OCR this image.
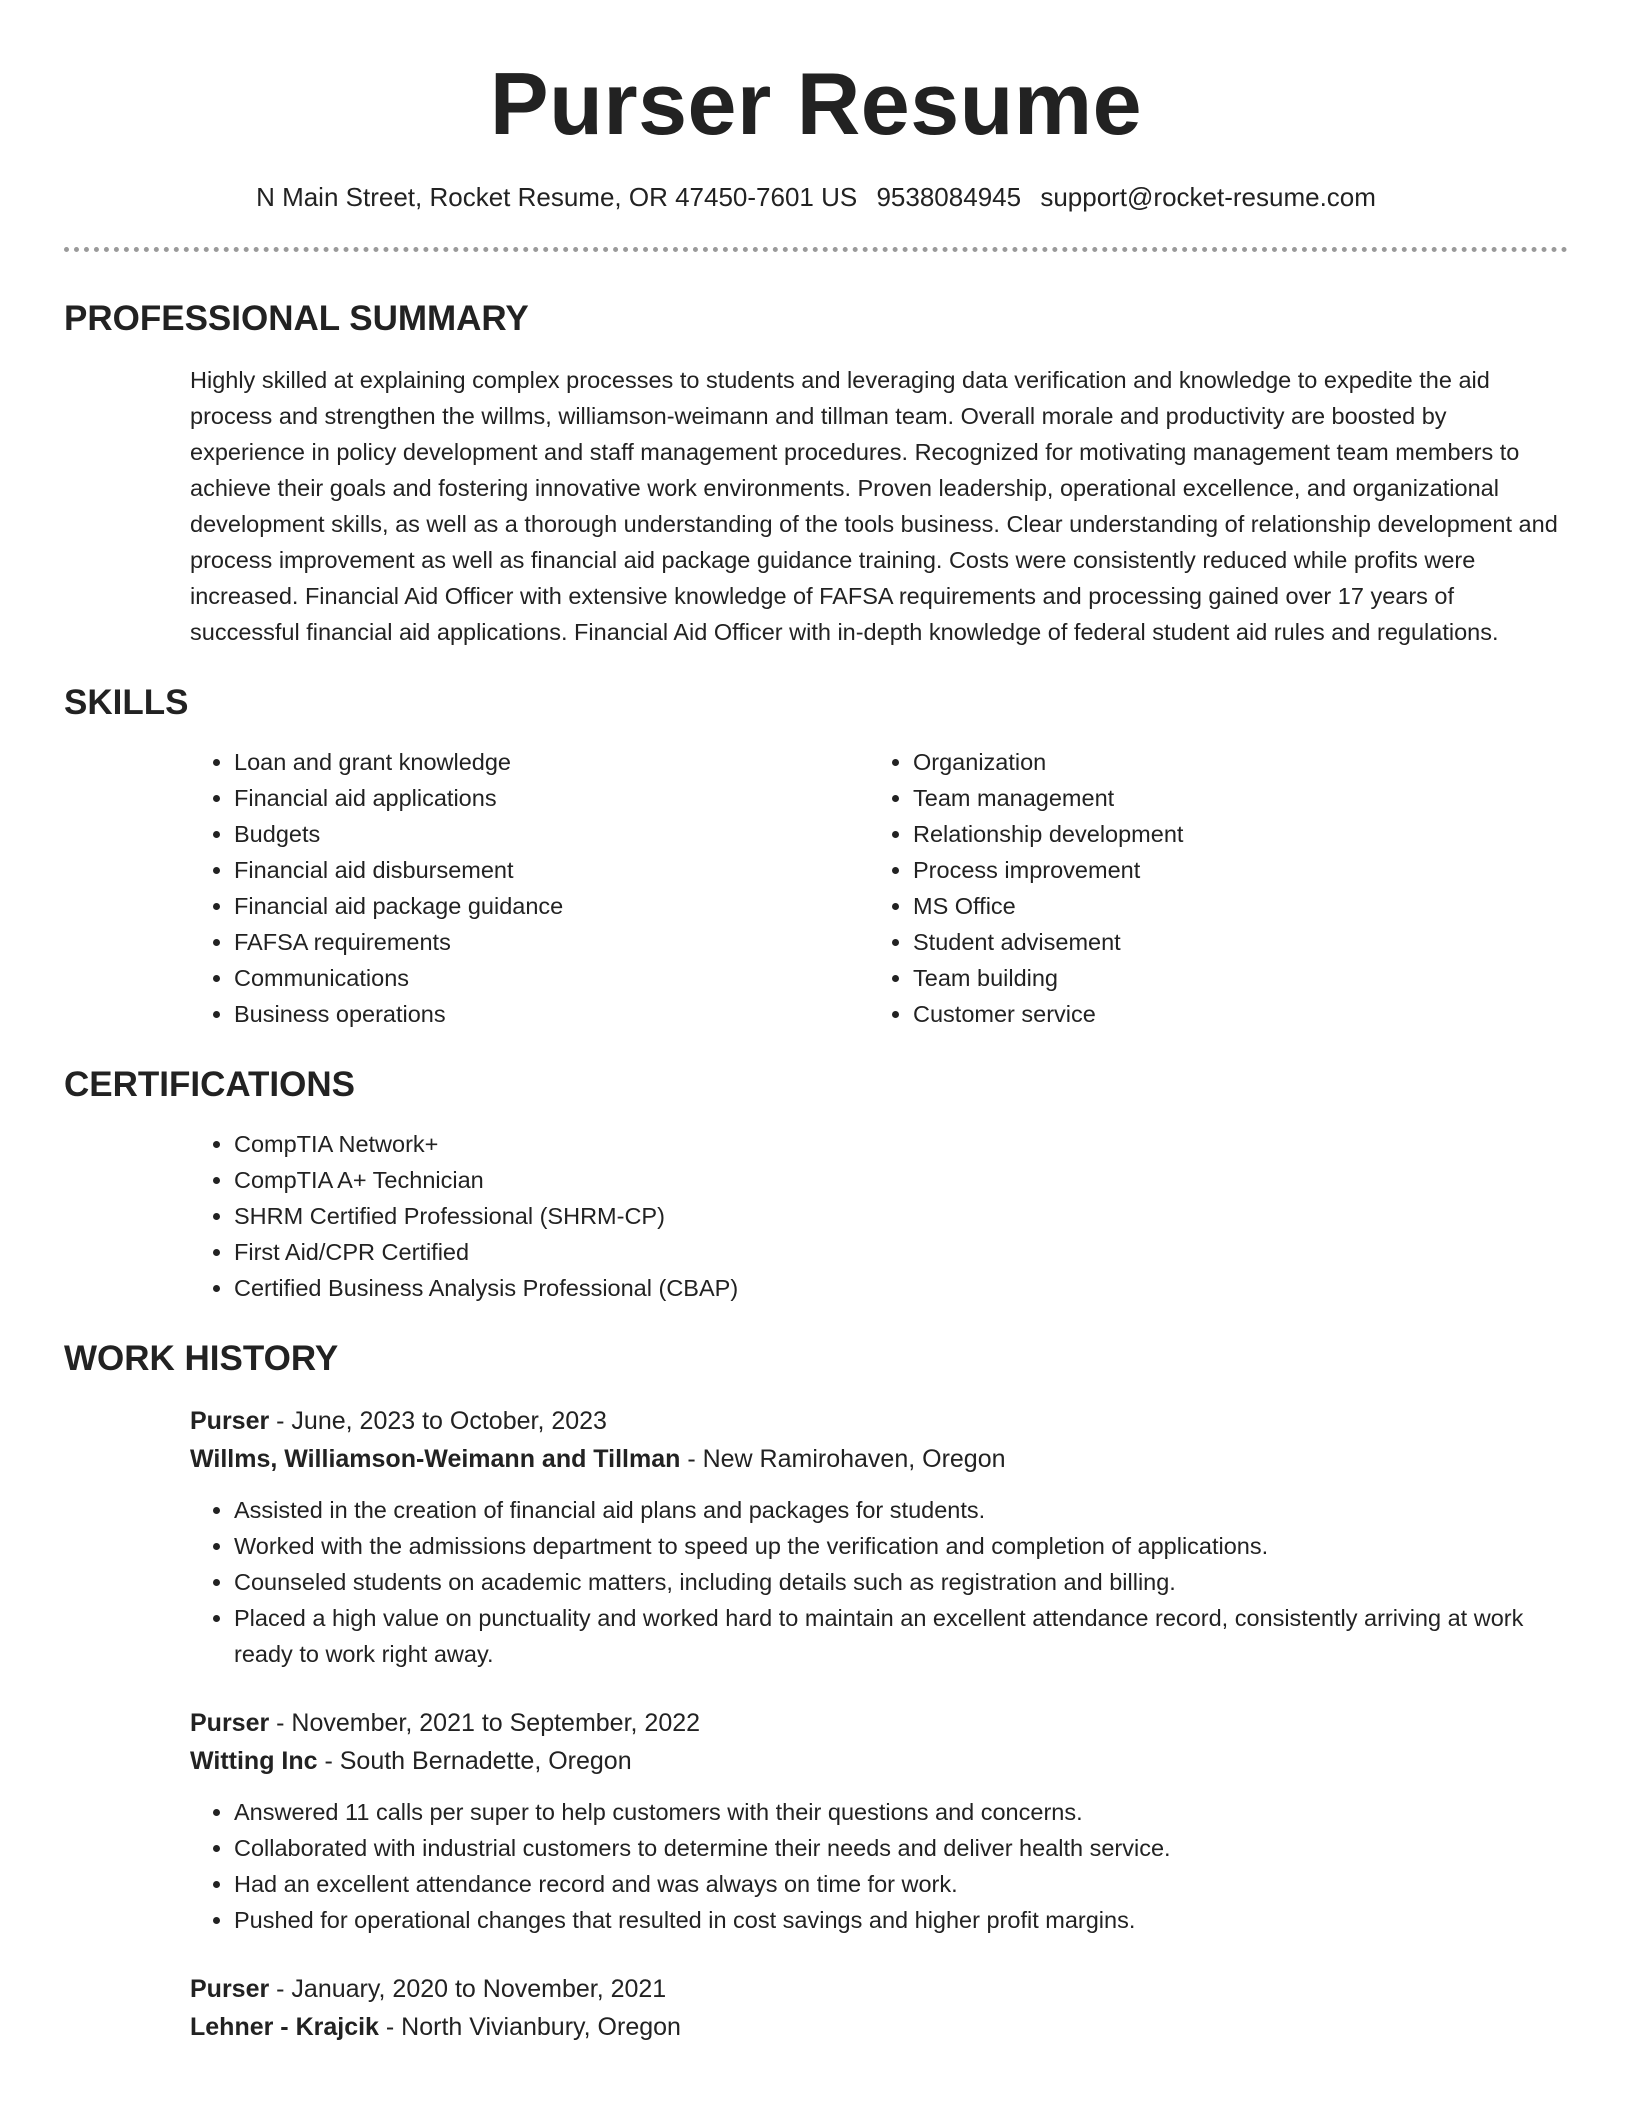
Purser Resume
N Main Street, Rocket Resume, OR 47450-7601 US 9538084945 support@rocket-resume.com
PROFESSIONAL SUMMARY

Highly skilled at explaining complex processes to students and leveraging data verification and knowledge to expedite the aid process and strengthen the willms, williamson-weimann and tillman team. Overall morale and productivity are boosted by experience in policy development and staff management procedures. Recognized for motivating management team members to achieve their goals and fostering innovative work environments. Proven leadership, operational excellence, and organizational development skills, as well as a thorough understanding of the tools business. Clear understanding of relationship development and process improvement as well as financial aid package guidance training. Costs were consistently reduced while profits were increased. Financial Aid Officer with extensive knowledge of FAFSA requirements and processing gained over 17 years of successful financial aid applications. Financial Aid Officer with in-depth knowledge of federal student aid rules and regulations.

SKILLS
• Loan and grant knowledge
• Financial aid applications
• Budgets
• Financial aid disbursement
• Financial aid package guidance
• FAFSA requirements
• Communications
• Business operations
• Organization
• Team management
• Relationship development
• Process improvement
• MS Office
• Student advisement
• Team building
• Customer service
CERTIFICATIONS
• CompTIA Network+
• CompTIA A+ Technician
• SHRM Certified Professional (SHRM-CP)
• First Aid/CPR Certified
• Certified Business Analysis Professional (CBAP)
WORK HISTORY
Purser - June, 2023 to October, 2023
Willms, Williamson-Weimann and Tillman - New Ramirohaven, Oregon
• Assisted in the creation of financial aid plans and packages for students.
• Worked with the admissions department to speed up the verification and completion of applications.
• Counseled students on academic matters, including details such as registration and billing.
• Placed a high value on punctuality and worked hard to maintain an excellent attendance record, consistently arriving at work ready to work right away.
Purser - November, 2021 to September, 2022
Witting Inc - South Bernadette, Oregon
• Answered 11 calls per super to help customers with their questions and concerns.
• Collaborated with industrial customers to determine their needs and deliver health service.
• Had an excellent attendance record and was always on time for work.
• Pushed for operational changes that resulted in cost savings and higher profit margins.
Purser - January, 2020 to November, 2021
Lehner - Krajcik - North Vivianbury, Oregon
